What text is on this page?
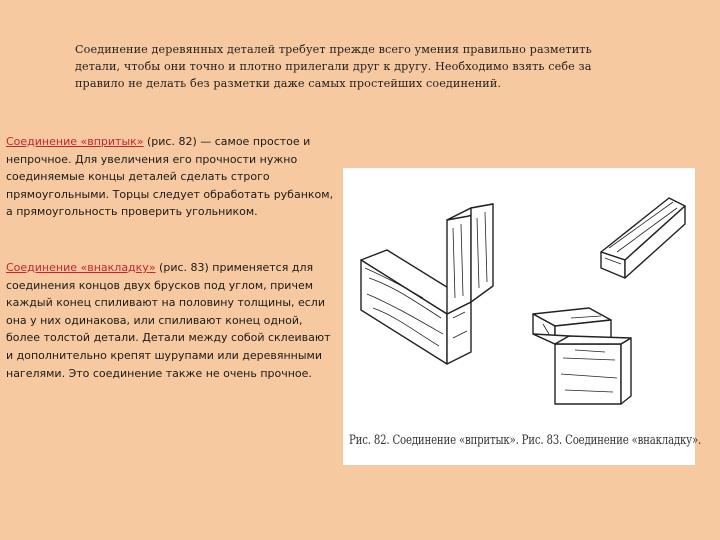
Соединение деревянных деталей требует прежде всего умения правильно разметить
детали, чтобы они точно и плотно прилегали друг к другу. Необходимо взять себе за
правило не делать без разметки даже самых простейших соединений.
Соединение «впритык» (рис. 82) — самое простое и непрочное. Для увеличения его прочности нужно соединяемые концы деталей сделать строго прямоугольными. Торцы следует обработать рубанком, а прямоугольность проверить угольником.
Соединение «внакладку» (рис. 83) применяется для соединения концов двух брусков под углом, причем каждый конец спиливают на половину толщины, если она у них одинакова, или спиливают конец одной, более толстой детали. Детали между собой склеивают и дополнительно крепят шурупами или деревянными нагелями. Это соединение также не очень прочное.
Рис. 82. Соединение «впритык». Рис. 83. Соединение «внакладку».
